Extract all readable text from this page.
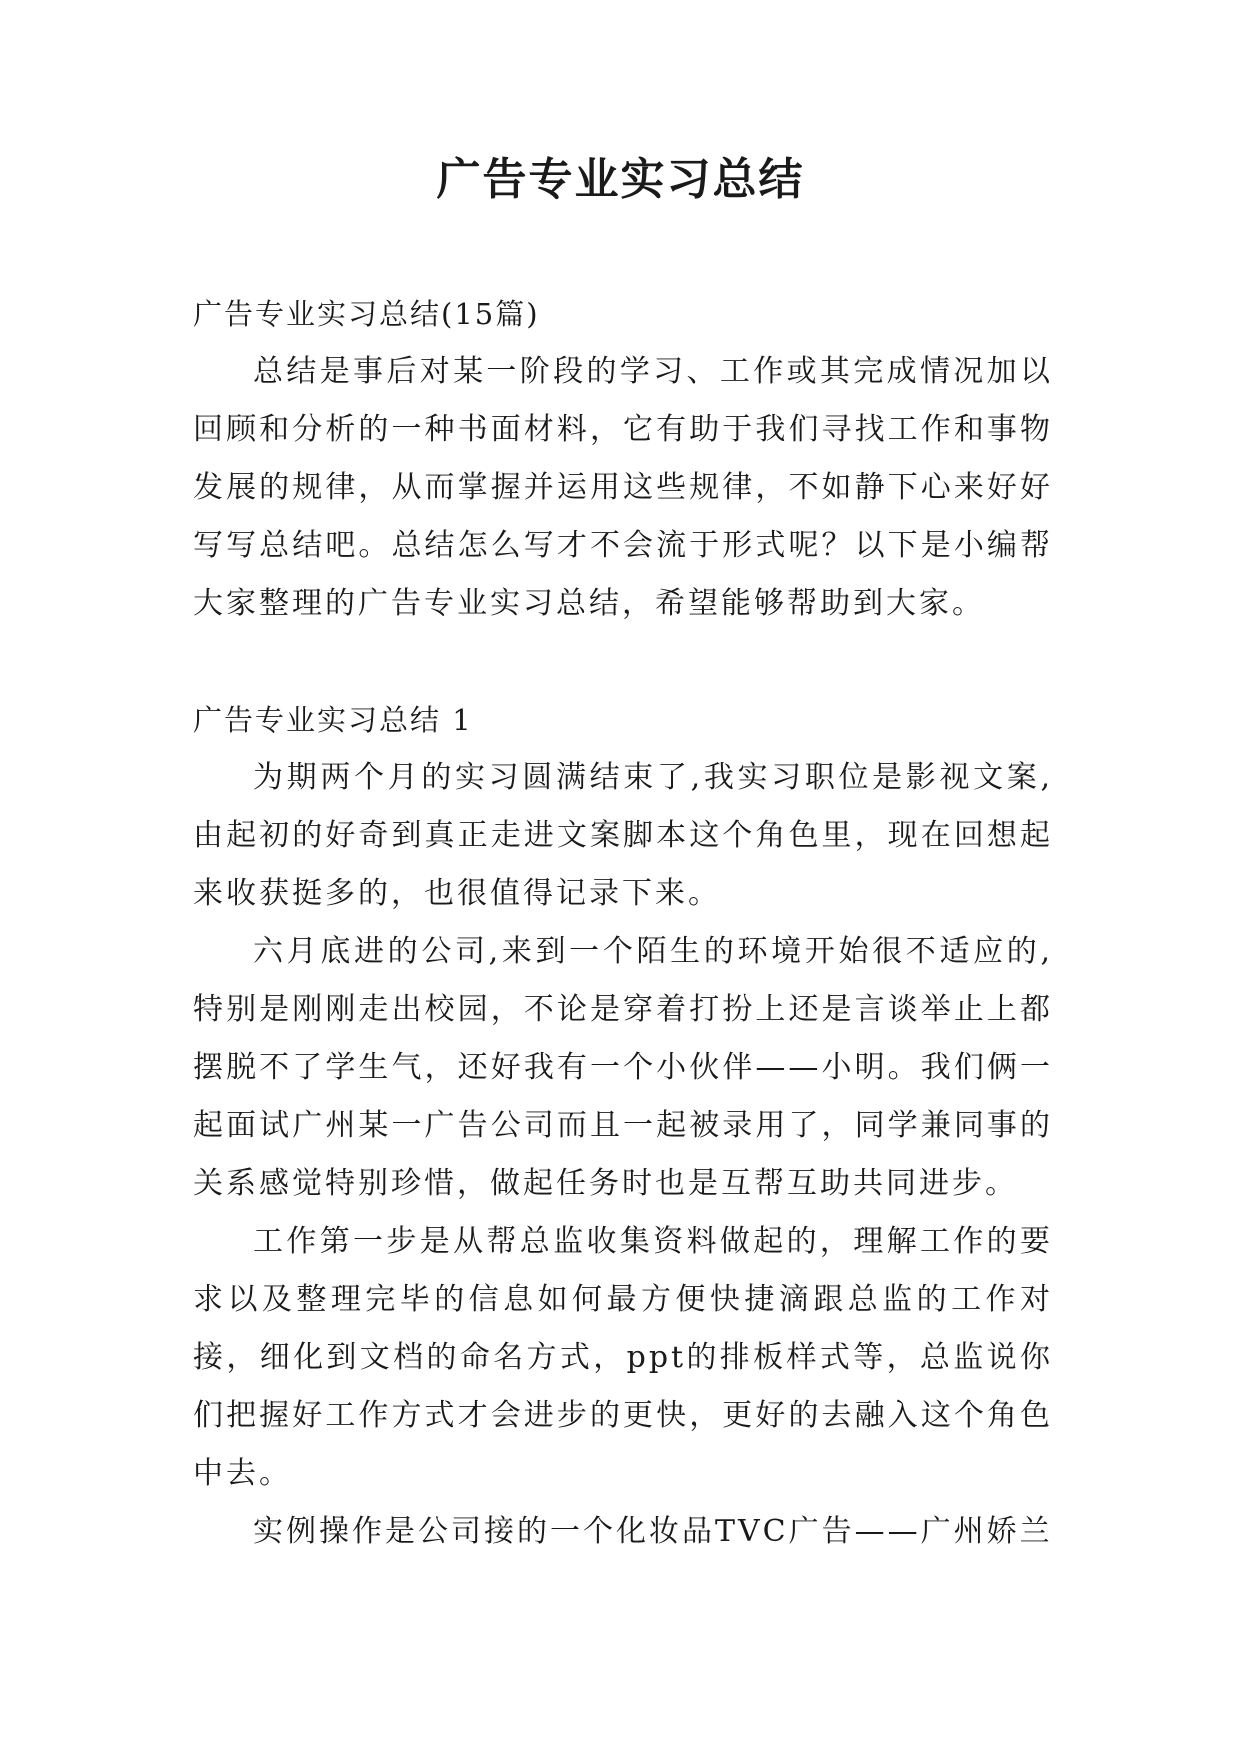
广告专业实习总结

广告专业实习总结(15篇)

总结是事后对某一阶段的学习、工作或其完成情况加以回顾和分析的一种书面材料，它有助于我们寻找工作和事物发展的规律，从而掌握并运用这些规律，不如静下心来好好写写总结吧。总结怎么写才不会流于形式呢？以下是小编帮大家整理的广告专业实习总结，希望能够帮助到大家。

广告专业实习总结 1

为期两个月的实习圆满结束了,我实习职位是影视文案,由起初的好奇到真正走进文案脚本这个角色里，现在回想起来收获挺多的，也很值得记录下来。

六月底进的公司,来到一个陌生的环境开始很不适应的,特别是刚刚走出校园，不论是穿着打扮上还是言谈举止上都摆脱不了学生气，还好我有一个小伙伴——小明。我们俩一起面试广州某一广告公司而且一起被录用了，同学兼同事的关系感觉特别珍惜，做起任务时也是互帮互助共同进步。

工作第一步是从帮总监收集资料做起的，理解工作的要求以及整理完毕的信息如何最方便快捷滴跟总监的工作对接，细化到文档的命名方式，ppt的排板样式等，总监说你们把握好工作方式才会进步的更快，更好的去融入这个角色中去。

实例操作是公司接的一个化妆品TVC广告——广州娇兰
